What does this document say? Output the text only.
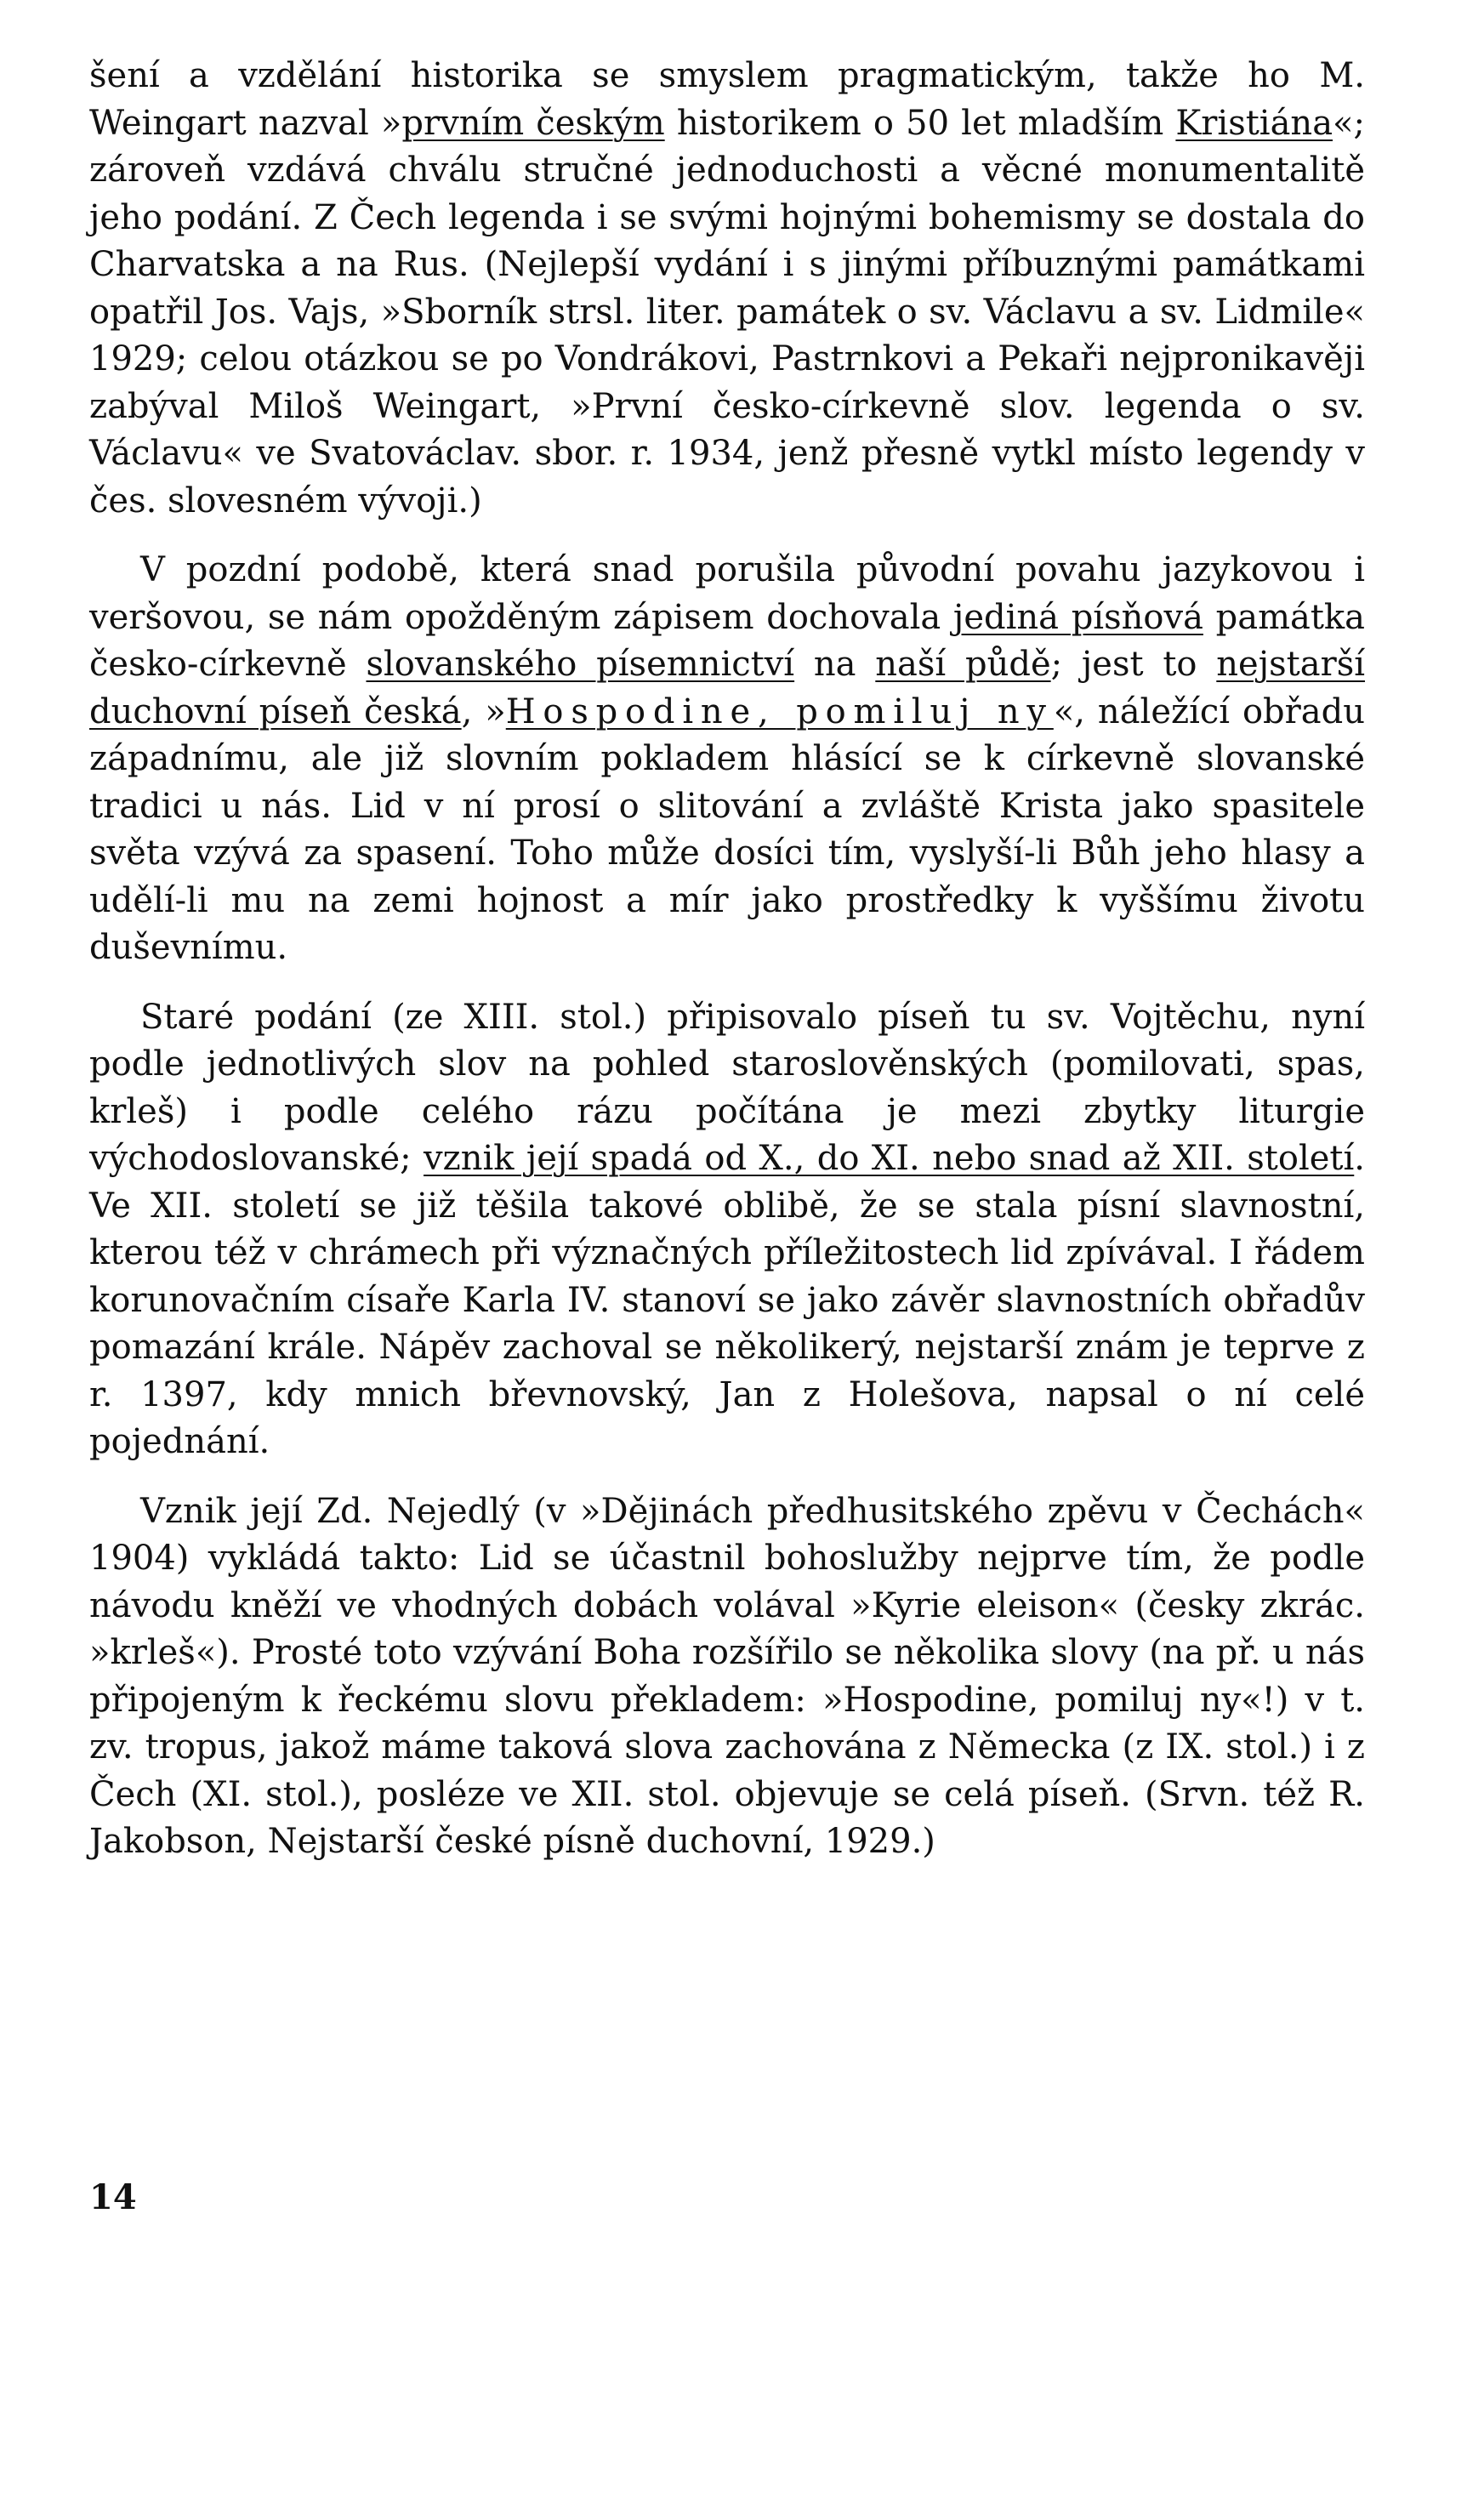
šení a vzdělání historika se smyslem pragmatickým, takže ho M. Weingart nazval »prvním českým historikem o 50 let mladším Kristiána«; zároveň vzdává chválu stručné jednoduchosti a věcné monumentalitě jeho podání. Z Čech legenda i se svými hojnými bohemismy se dostala do Charvatska a na Rus. (Nejlepší vydání i s jinými příbuznými památkami opatřil Jos. Vajs, »Sborník strsl. liter. památek o sv. Václavu a sv. Lidmile« 1929; celou otázkou se po Vondrákovi, Pastrnkovi a Pekaři nejpronikavěji zabýval Miloš Weingart, »První česko-církevně slov. legenda o sv. Václavu« ve Svatováclav. sbor. r. 1934, jenž přesně vytkl místo legendy v čes. slovesném vývoji.)

V pozdní podobě, která snad porušila původní povahu jazykovou i veršovou, se nám opožděným zápisem dochovala jediná písňová památka česko-církevně slovanského písemnictví na naší půdě; jest to nejstarší duchovní píseň česká, »Hospodine, pomiluj ny«, náležící obřadu západnímu, ale již slovním pokladem hlásící se k církevně slovanské tradici u nás. Lid v ní prosí o slitování a zvláště Krista jako spasitele světa vzývá za spasení. Toho může dosíci tím, vyslyší-li Bůh jeho hlasy a udělí-li mu na zemi hojnost a mír jako prostředky k vyššímu životu duševnímu.

Staré podání (ze XIII. stol.) připisovalo píseň tu sv. Vojtěchu, nyní podle jednotlivých slov na pohled staroslověnských (pomilovati, spas, krleš) i podle celého rázu počítána je mezi zbytky liturgie východoslovanské; vznik její spadá od X., do XI. nebo snad až XII. století. Ve XII. století se již těšila takové oblibě, že se stala písní slavnostní, kterou též v chrámech při význačných příležitostech lid zpívával. I řádem korunovačním císaře Karla IV. stanoví se jako závěr slavnostních obřadův pomazání krále. Nápěv zachoval se několikerý, nejstarší znám je teprve z r. 1397, kdy mnich břevnovský, Jan z Holešova, napsal o ní celé pojednání.

Vznik její Zd. Nejedlý (v »Dějinách předhusitského zpěvu v Čechách« 1904) vykládá takto: Lid se účastnil bohoslužby nejprve tím, že podle návodu kněží ve vhodných dobách volával »Kyrie eleison« (česky zkrác. »krleš«). Prosté toto vzývání Boha rozšířilo se několika slovy (na př. u nás připojeným k řeckému slovu překladem: »Hospodine, pomiluj ny«!) v t. zv. tropus, jakož máme taková slova zachována z Německa (z IX. stol.) i z Čech (XI. stol.), posléze ve XII. stol. objevuje se celá píseň. (Srvn. též R. Jakobson, Nejstarší české písně duchovní, 1929.)

14
